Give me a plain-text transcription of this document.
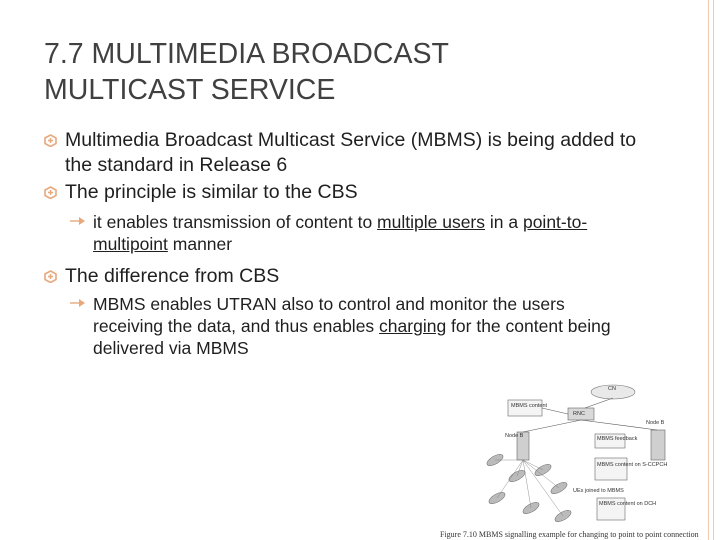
7.7 MULTIMEDIA BROADCAST
MULTICAST SERVICE
Multimedia Broadcast Multicast Service (MBMS) is being added to the standard in Release 6
The principle is similar to the CBS
it enables transmission of content to multiple users in a point-to-multipoint manner
The difference from CBS
MBMS enables UTRAN also to control and monitor the users receiving the data, and thus enables charging for the content being delivered via MBMS
CN
MBMS content
RNC
Node B
Node B
MBMS feedback
MBMS content on S-CCPCH
UEs joined to MBMS
MBMS content on DCH
Figure 7.10 MBMS signalling example for changing to point to point connection
